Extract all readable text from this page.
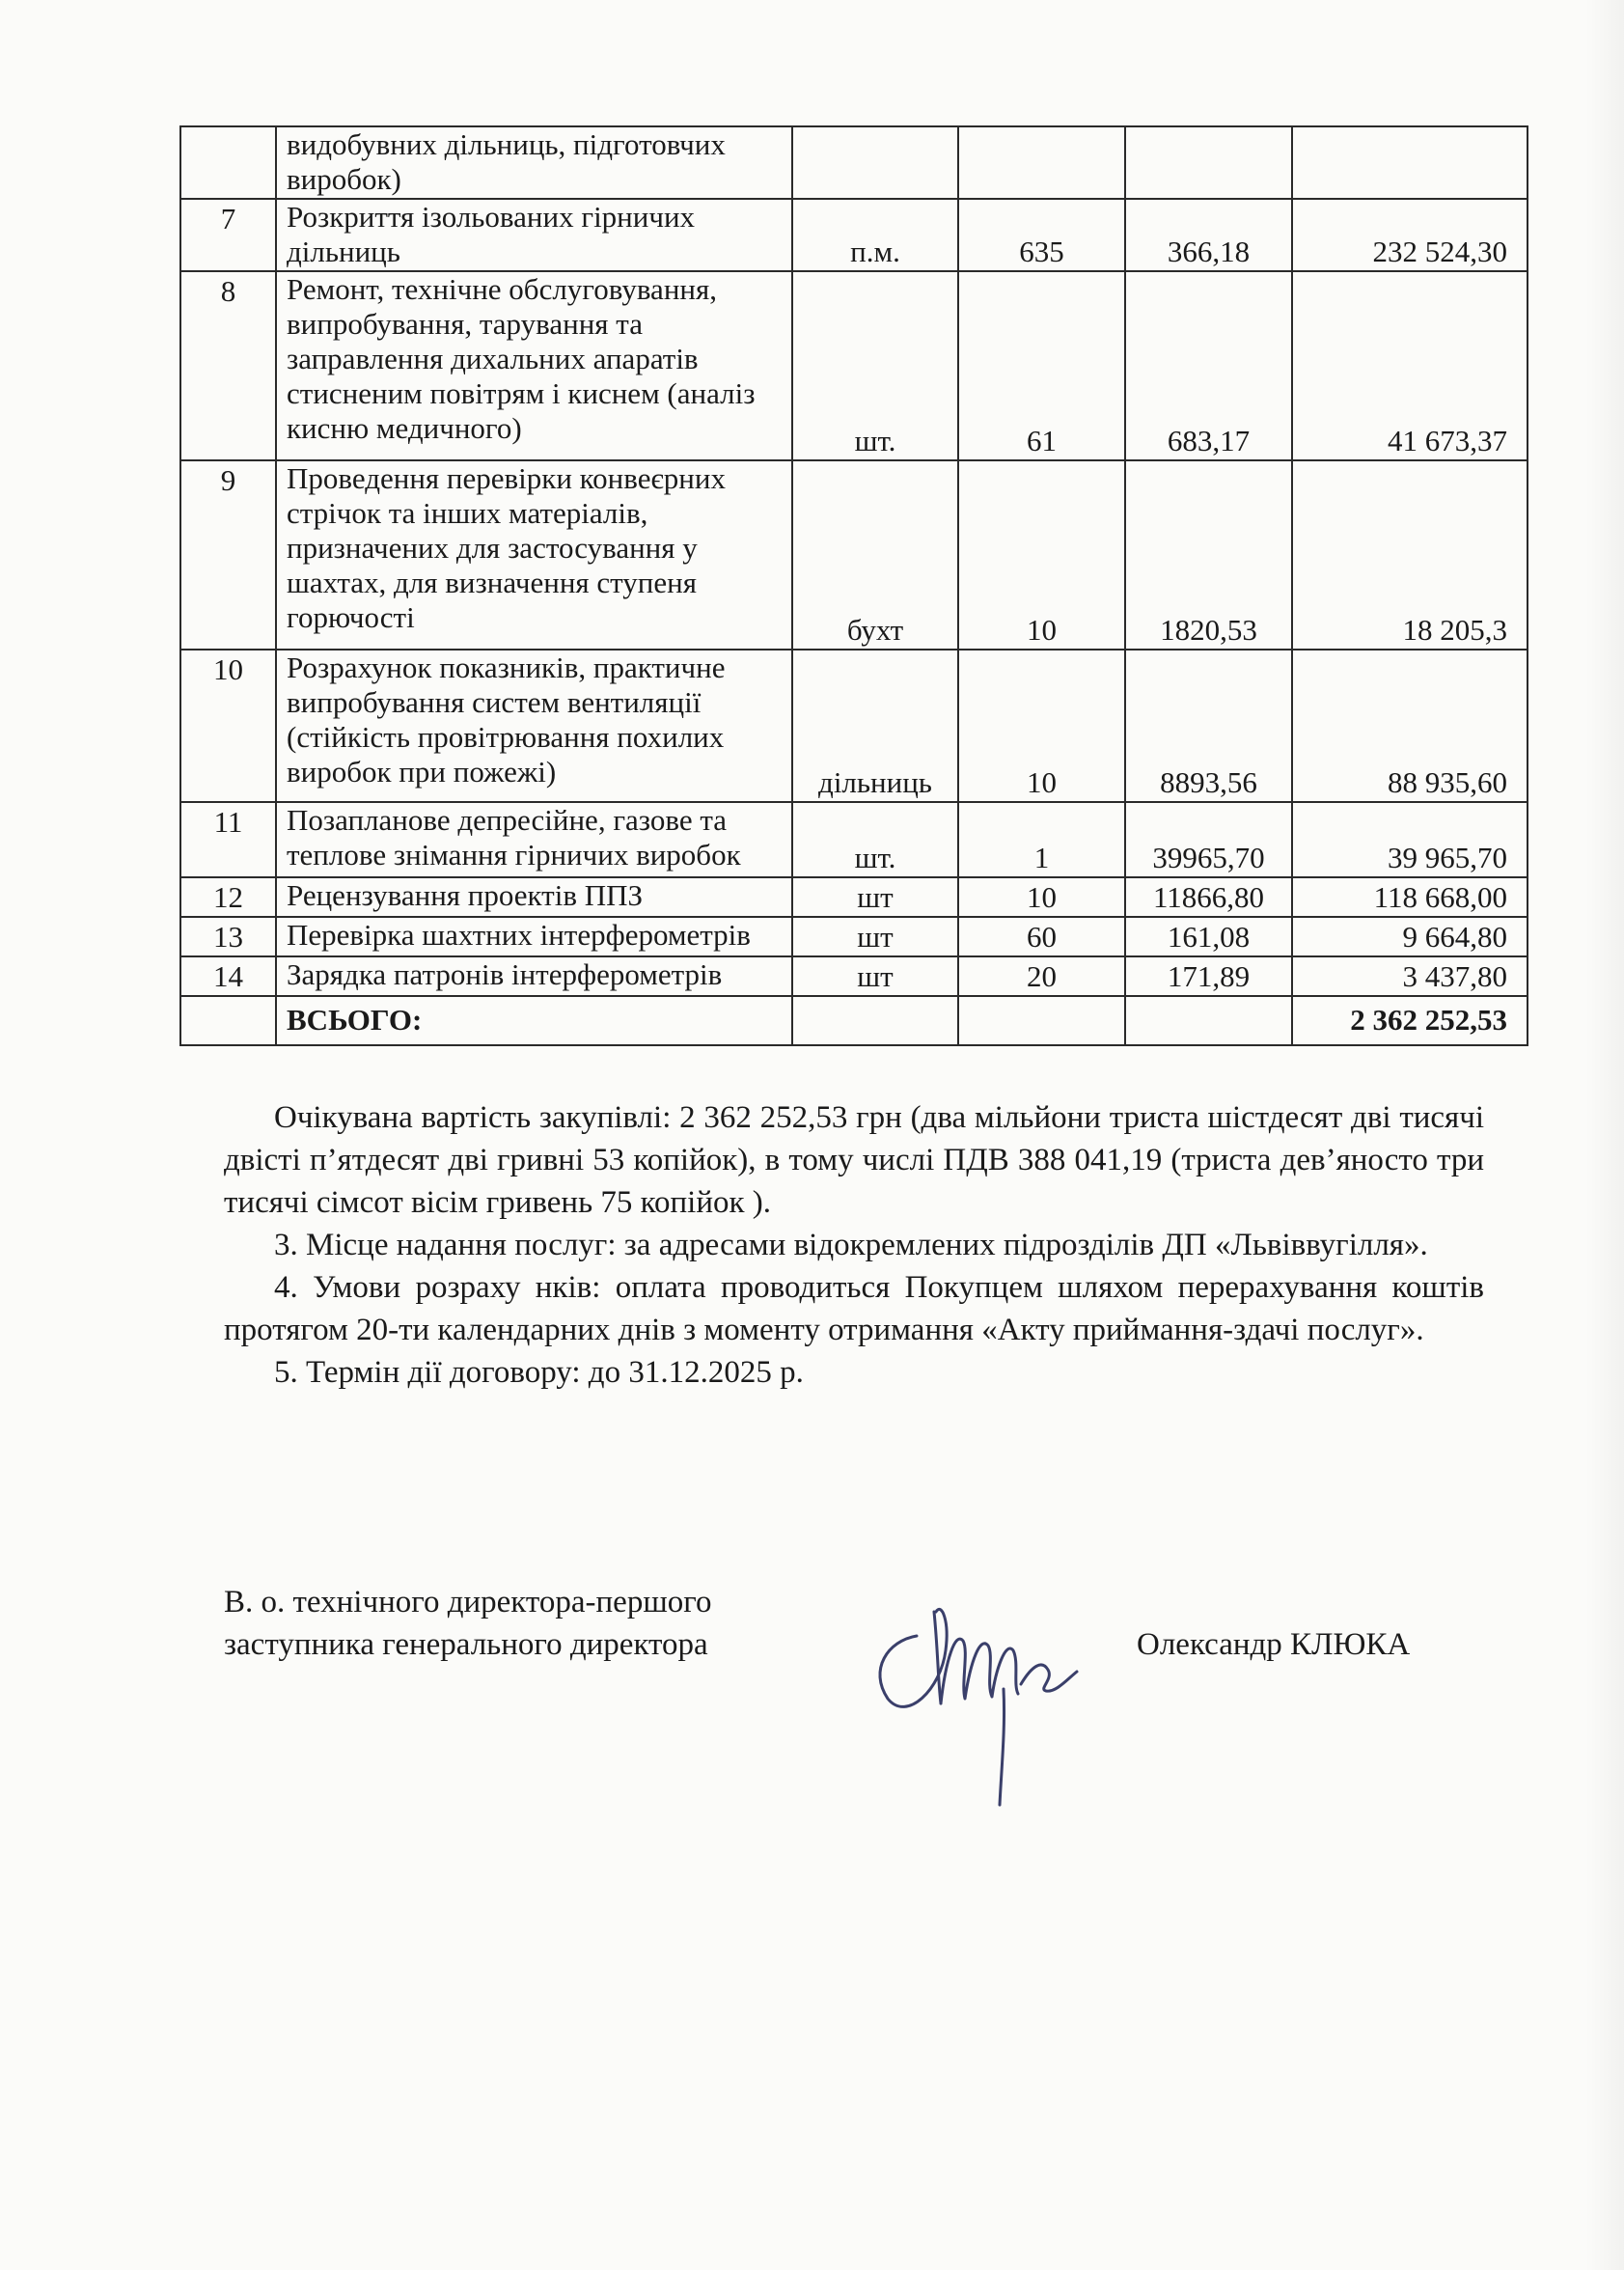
	видобувних дільниць, підготовчих виробок)				
7	Розкриття ізольованих гірничих дільниць	п.м.	635	366,18	232 524,30
8	Ремонт, технічне обслуговування, випробування, тарування та заправлення дихальних апаратів стисненим повітрям і киснем (аналіз кисню медичного)	шт.	61	683,17	41 673,37
9	Проведення перевірки конвеєрних стрічок та інших матеріалів, призначених для застосування у шахтах, для визначення ступеня горючості	бухт	10	1820,53	18 205,3
10	Розрахунок показників, практичне випробування систем вентиляції (стійкість провітрювання похилих виробок при пожежі)	дільниць	10	8893,56	88 935,60
11	Позапланове депресійне, газове та теплове знімання гірничих виробок	шт.	1	39965,70	39 965,70
12	Рецензування проектів ППЗ	шт	10	11866,80	118 668,00
13	Перевірка шахтних інтерферометрів	шт	60	161,08	9 664,80
14	Зарядка патронів інтерферометрів	шт	20	171,89	3 437,80
	ВСЬОГО:				2 362 252,53

Очікувана вартість закупівлі: 2 362 252,53 грн (два мільйони триста шістдесят дві тисячі двісті п’ятдесят дві гривні 53 копійок), в тому числі ПДВ 388 041,19 (триста дев’яносто три тисячі сімсот вісім гривень 75 копійок ).

3. Місце надання послуг: за адресами відокремлених підрозділів ДП «Львіввугілля».

4. Умови розраху нків: оплата проводиться Покупцем шляхом перерахування коштів протягом 20-ти календарних днів з моменту отримання «Акту приймання-здачі послуг».

5. Термін дії договору: до 31.12.2025 р.

В. о. технічного директора-першого
заступника генерального директора	Олександр КЛЮКА
